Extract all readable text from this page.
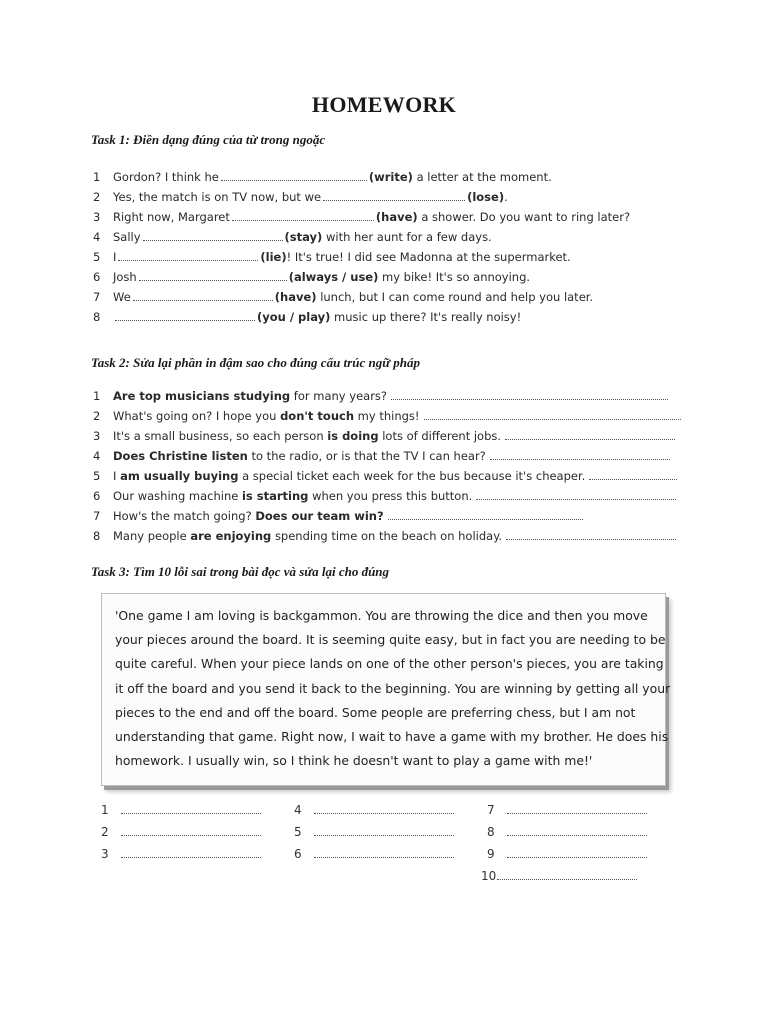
HOMEWORK
Task 1: Điền dạng đúng của từ trong ngoặc
1 Gordon? I think he	(write) a letter at the moment.
2 Yes, the match is on TV now, but we	(lose).
3 Right now, Margaret	(have) a shower. Do you want to ring later?
4 Sally	(stay) with her aunt for a few days.
5 I	(lie)! It's true! I did see Madonna at the supermarket.
6 Josh	(always / use) my bike! It's so annoying.
7 We	(have) lunch, but I can come round and help you later.
8	(you / play) music up there? It's really noisy!
Task 2: Sửa lại phần in đậm sao cho đúng cấu trúc ngữ pháp
1 Are top musicians studying for many years?
2 What's going on? I hope you don't touch my things!
3 It's a small business, so each person is doing lots of different jobs.
4 Does Christine listen to the radio, or is that the TV I can hear?
5 I am usually buying a special ticket each week for the bus because it's cheaper.
6 Our washing machine is starting when you press this button.
7 How's the match going? Does our team win?
8 Many people are enjoying spending time on the beach on holiday.
Task 3: Tìm 10 lỗi sai trong bài đọc và sửa lại cho đúng

'One game I am loving is backgammon. You are throwing the dice and then you move
your pieces around the board. It is seeming quite easy, but in fact you are needing to be
quite careful. When your piece lands on one of the other person's pieces, you are taking
it off the board and you send it back to the beginning. You are winning by getting all your
pieces to the end and off the board. Some people are preferring chess, but I am not
understanding that game. Right now, I wait to have a game with my brother. He does his
homework. I usually win, so I think he doesn't want to play a game with me!'

1
2
3
4
5
6
7
8
9
10
